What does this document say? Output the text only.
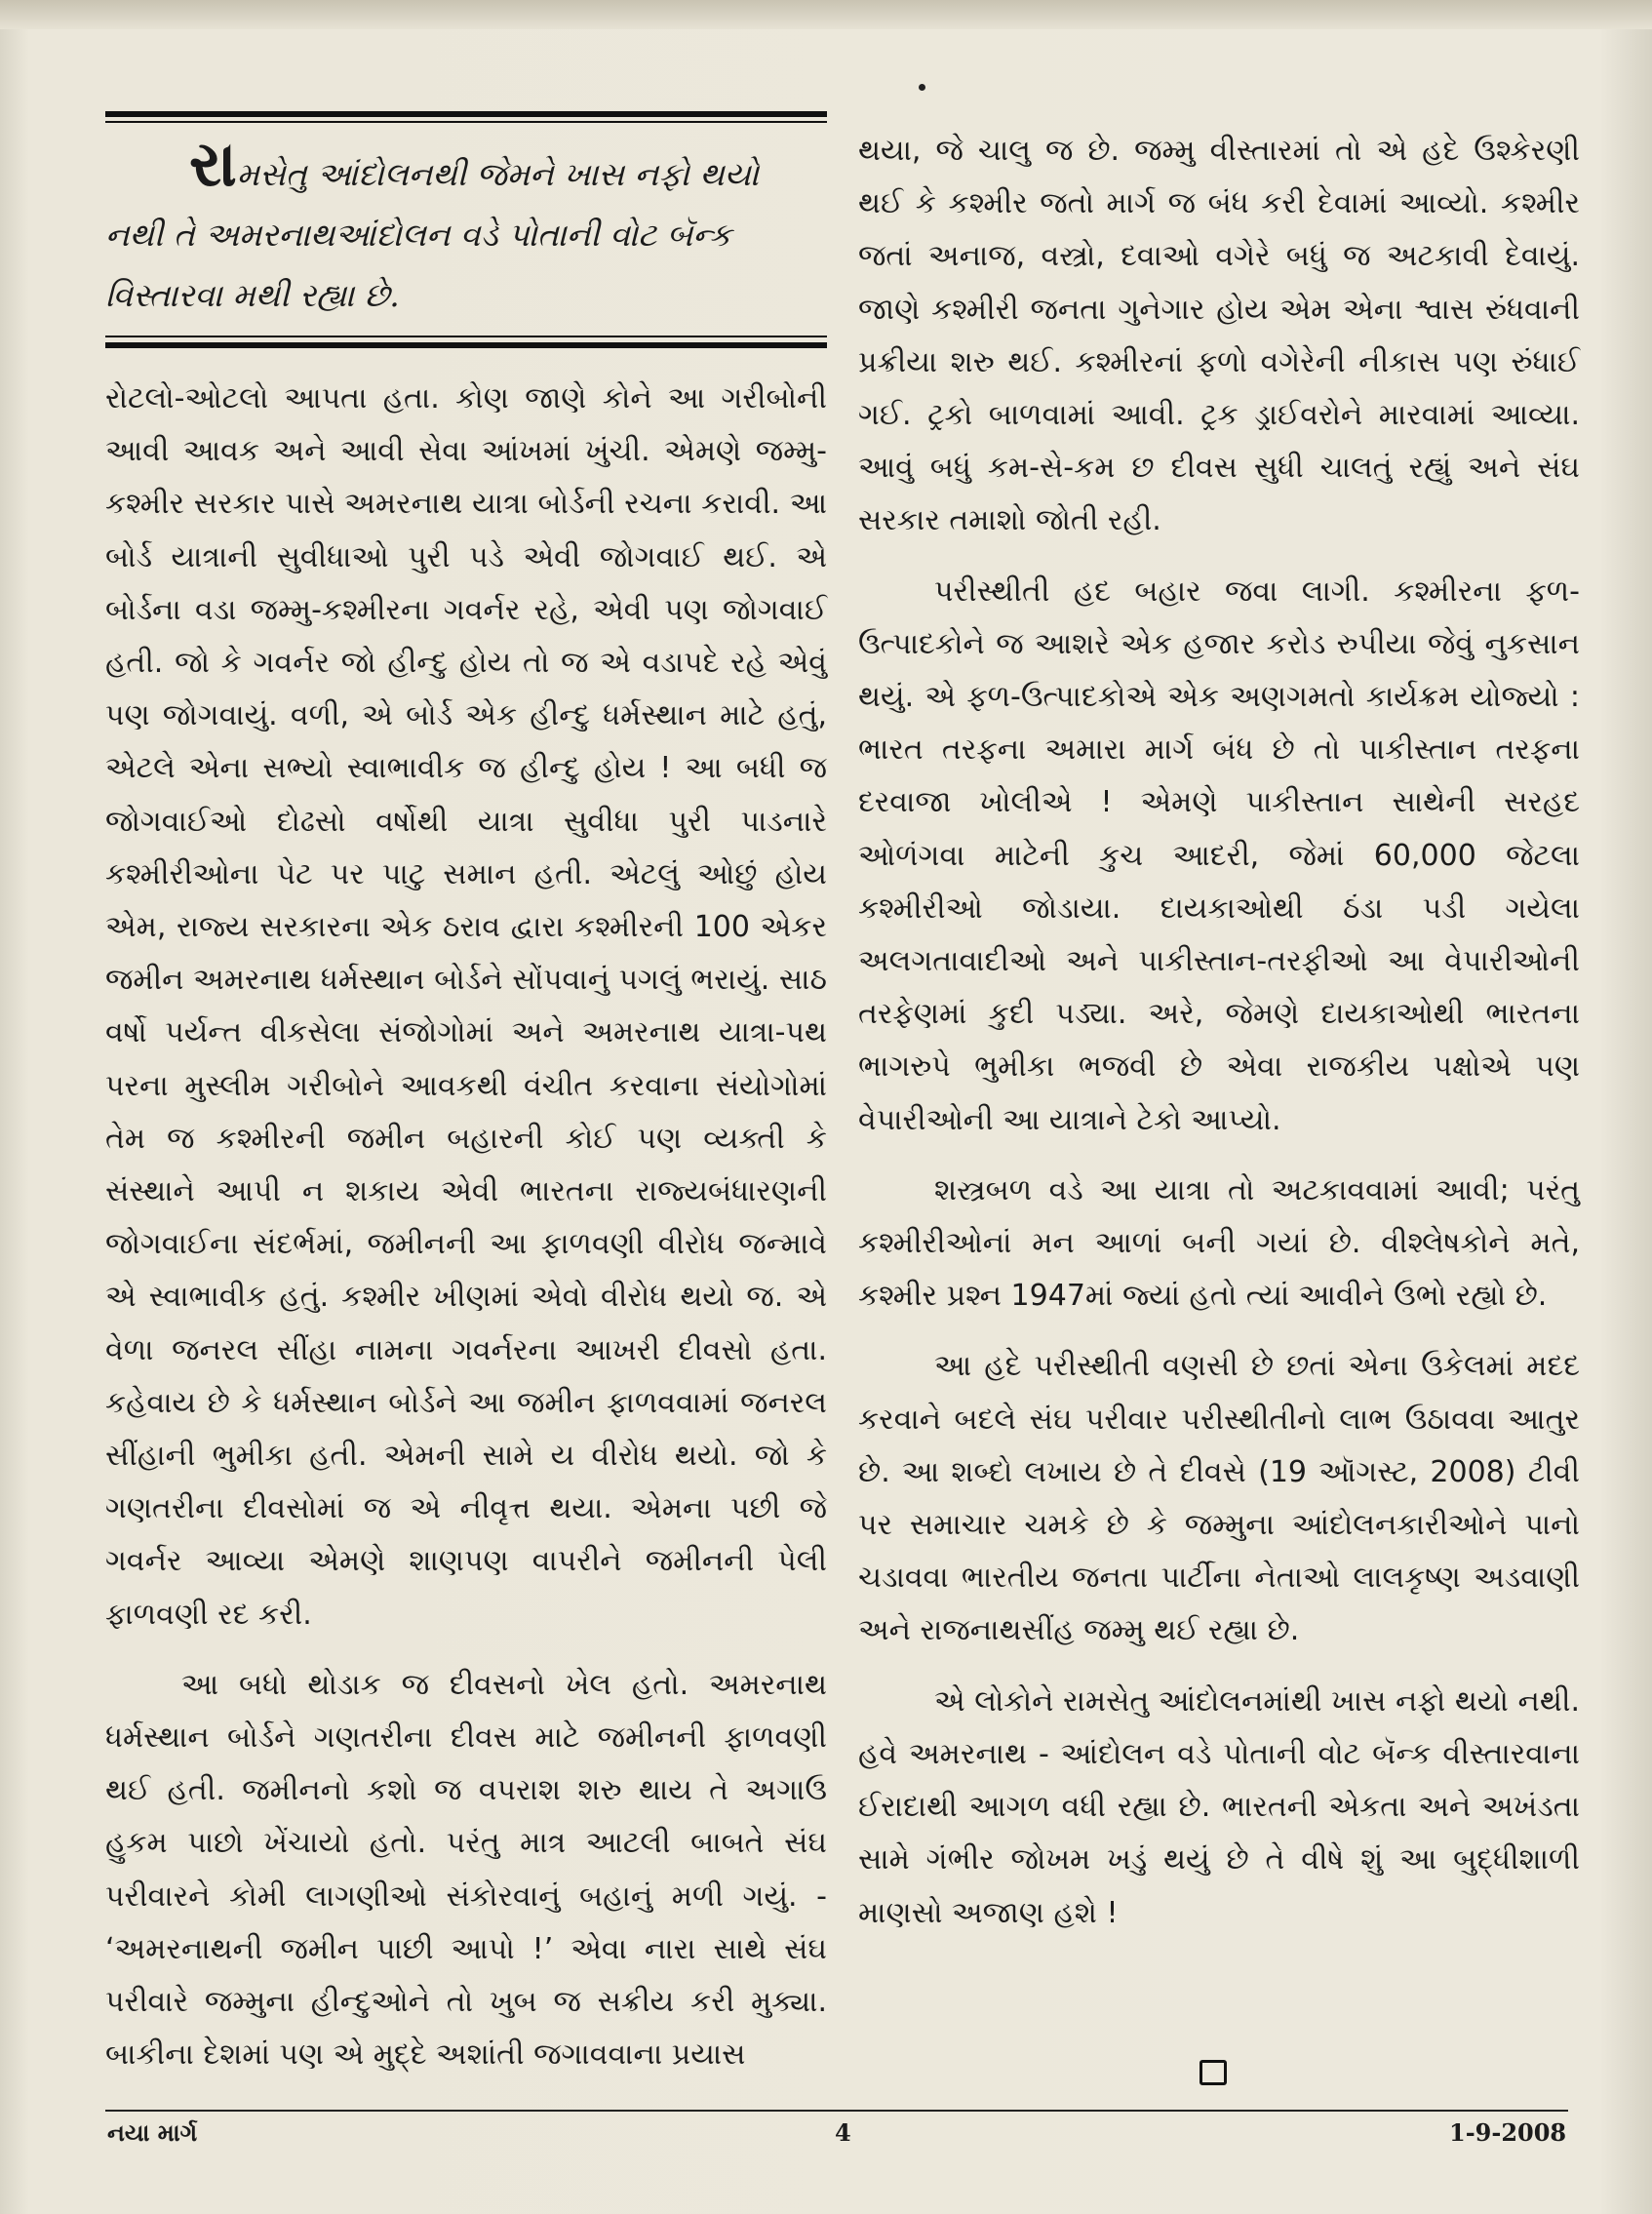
રામસેતુ આંદોલનથી જેમને ખાસ નફો થયો
નથી તે અમરનાથઆંદોલન વડે પોતાની વોટ બૅન્ક
વિસ્તારવા મથી રહ્યા છે.

રોટલો-ઓટલો આપતા હતા. કોણ જાણે કોને આ ગરીબોની આવી આવક અને આવી સેવા આંખમાં ખુંચી. એમણે જમ્મુ-કશ્મીર સરકાર પાસે અમરનાથ યાત્રા બોર્ડની રચના કરાવી. આ બોર્ડ યાત્રાની સુવીધાઓ પુરી પડે એવી જોગવાઈ થઈ. એ બોર્ડના વડા જમ્મુ-કશ્મીરના ગવર્નર રહે, એવી પણ જોગવાઈ હતી. જો કે ગવર્નર જો હીન્દુ હોય તો જ એ વડાપદે રહે એવું પણ જોગવાયું. વળી, એ બોર્ડ એક હીન્દુ ધર્મસ્થાન માટે હતું, એટલે એના સભ્યો સ્વાભાવીક જ હીન્દુ હોય ! આ બધી જ જોગવાઈઓ દોઢસો વર્ષોથી યાત્રા સુવીધા પુરી પાડનારે કશ્મીરીઓના પેટ પર પાટુ સમાન હતી. એટલું ઓછું હોય એમ, રાજ્ય સરકારના એક ઠરાવ દ્વારા કશ્મીરની 100 એકર જમીન અમરનાથ ધર્મસ્થાન બોર્ડને સોંપવાનું પગલું ભરાયું. સાઠ વર્ષો પર્યન્ત વીકસેલા સંજોગોમાં અને અમરનાથ યાત્રા-પથ પરના મુસ્લીમ ગરીબોને આવકથી વંચીત કરવાના સંયોગોમાં તેમ જ કશ્મીરની જમીન બહારની કોઈ પણ વ્યક્તી કે સંસ્થાને આપી ન શકાય એવી ભારતના રાજ્યબંધારણની જોગવાઈના સંદર્ભમાં, જમીનની આ ફાળવણી વીરોધ જન્માવે એ સ્વાભાવીક હતું. કશ્મીર ખીણમાં એવો વીરોધ થયો જ. એ વેળા જનરલ સીંહા નામના ગવર્નરના આખરી દીવસો હતા. કહેવાય છે કે ધર્મસ્થાન બોર્ડને આ જમીન ફાળવવામાં જનરલ સીંહાની ભુમીકા હતી. એમની સામે ય વીરોધ થયો. જો કે ગણતરીના દીવસોમાં જ એ નીવૃત્ત થયા. એમના પછી જે ગવર્નર આવ્યા એમણે શાણપણ વાપરીને જમીનની પેલી ફાળવણી રદ કરી.

આ બધો થોડાક જ દીવસનો ખેલ હતો. અમરનાથ ધર્મસ્થાન બોર્ડને ગણતરીના દીવસ માટે જમીનની ફાળવણી થઈ હતી. જમીનનો કશો જ વપરાશ શરુ થાય તે અગાઉ હુકમ પાછો ખેંચાયો હતો. પરંતુ માત્ર આટલી બાબતે સંઘ પરીવારને કોમી લાગણીઓ સંકોરવાનું બહાનું મળી ગયું. - ‘અમરનાથની જમીન પાછી આપો !’ એવા નારા સાથે સંઘ પરીવારે જમ્મુના હીન્દુઓને તો ખુબ જ સક્રીય કરી મુક્યા. બાકીના દેશમાં પણ એ મુદ્દે અશાંતી જગાવવાના પ્રયાસ

થયા, જે ચાલુ જ છે. જમ્મુ વીસ્તારમાં તો એ હદે ઉશ્કેરણી થઈ કે કશ્મીર જતો માર્ગ જ બંધ કરી દેવામાં આવ્યો. કશ્મીર જતાં અનાજ, વસ્ત્રો, દવાઓ વગેરે બધું જ અટકાવી દેવાયું. જાણે કશ્મીરી જનતા ગુનેગાર હોય એમ એના શ્વાસ રુંધવાની પ્રક્રીયા શરુ થઈ. કશ્મીરનાં ફળો વગેરેની નીકાસ પણ રુંધાઈ ગઈ. ટ્રકો બાળવામાં આવી. ટ્રક ડ્રાઈવરોને મારવામાં આવ્યા. આવું બધું કમ-સે-કમ છ દીવસ સુધી ચાલતું રહ્યું અને સંઘ સરકાર તમાશો જોતી રહી.

પરીસ્થીતી હદ બહાર જવા લાગી. કશ્મીરના ફળ-ઉત્પાદકોને જ આશરે એક હજાર કરોડ રુપીયા જેવું નુકસાન થયું. એ ફળ-ઉત્પાદકોએ એક અણગમતો કાર્યક્રમ યોજ્યો : ભારત તરફના અમારા માર્ગ બંધ છે તો પાકીસ્તાન તરફના દરવાજા ખોલીએ ! એમણે પાકીસ્તાન સાથેની સરહદ ઓળંગવા માટેની કુચ આદરી, જેમાં 60,000 જેટલા કશ્મીરીઓ જોડાયા. દાયકાઓથી ઠંડા પડી ગયેલા અલગતાવાદીઓ અને પાકીસ્તાન-તરફીઓ આ વેપારીઓની તરફેણમાં કુદી પડ્યા. અરે, જેમણે દાયકાઓથી ભારતના ભાગરુપે ભુમીકા ભજવી છે એવા રાજકીય પક્ષોએ પણ વેપારીઓની આ યાત્રાને ટેકો આપ્યો.

શસ્ત્રબળ વડે આ યાત્રા તો અટકાવવામાં આવી; પરંતુ કશ્મીરીઓનાં મન આળાં બની ગયાં છે. વીશ્લેષકોને મતે, કશ્મીર પ્રશ્ન 1947માં જ્યાં હતો ત્યાં આવીને ઉભો રહ્યો છે.

આ હદે પરીસ્થીતી વણસી છે છતાં એના ઉકેલમાં મદદ કરવાને બદલે સંઘ પરીવાર પરીસ્થીતીનો લાભ ઉઠાવવા આતુર છે. આ શબ્દો લખાય છે તે દીવસે (19 ઑગસ્ટ, 2008) ટીવી પર સમાચાર ચમકે છે કે જમ્મુના આંદોલનકારીઓને પાનો ચડાવવા ભારતીય જનતા પાર્ટીના નેતાઓ લાલકૃષ્ણ અડવાણી અને રાજનાથસીંહ જમ્મુ થઈ રહ્યા છે.

એ લોકોને રામસેતુ આંદોલનમાંથી ખાસ નફો થયો નથી. હવે અમરનાથ - આંદોલન વડે પોતાની વોટ બૅન્ક વીસ્તારવાના ઈરાદાથી આગળ વધી રહ્યા છે. ભારતની એકતા અને અખંડતા સામે ગંભીર જોખમ ખડું થયું છે તે વીષે શું આ બુદ્ધીશાળી માણસો અજાણ હશે !

નયા માર્ગ	4	1-9-2008
